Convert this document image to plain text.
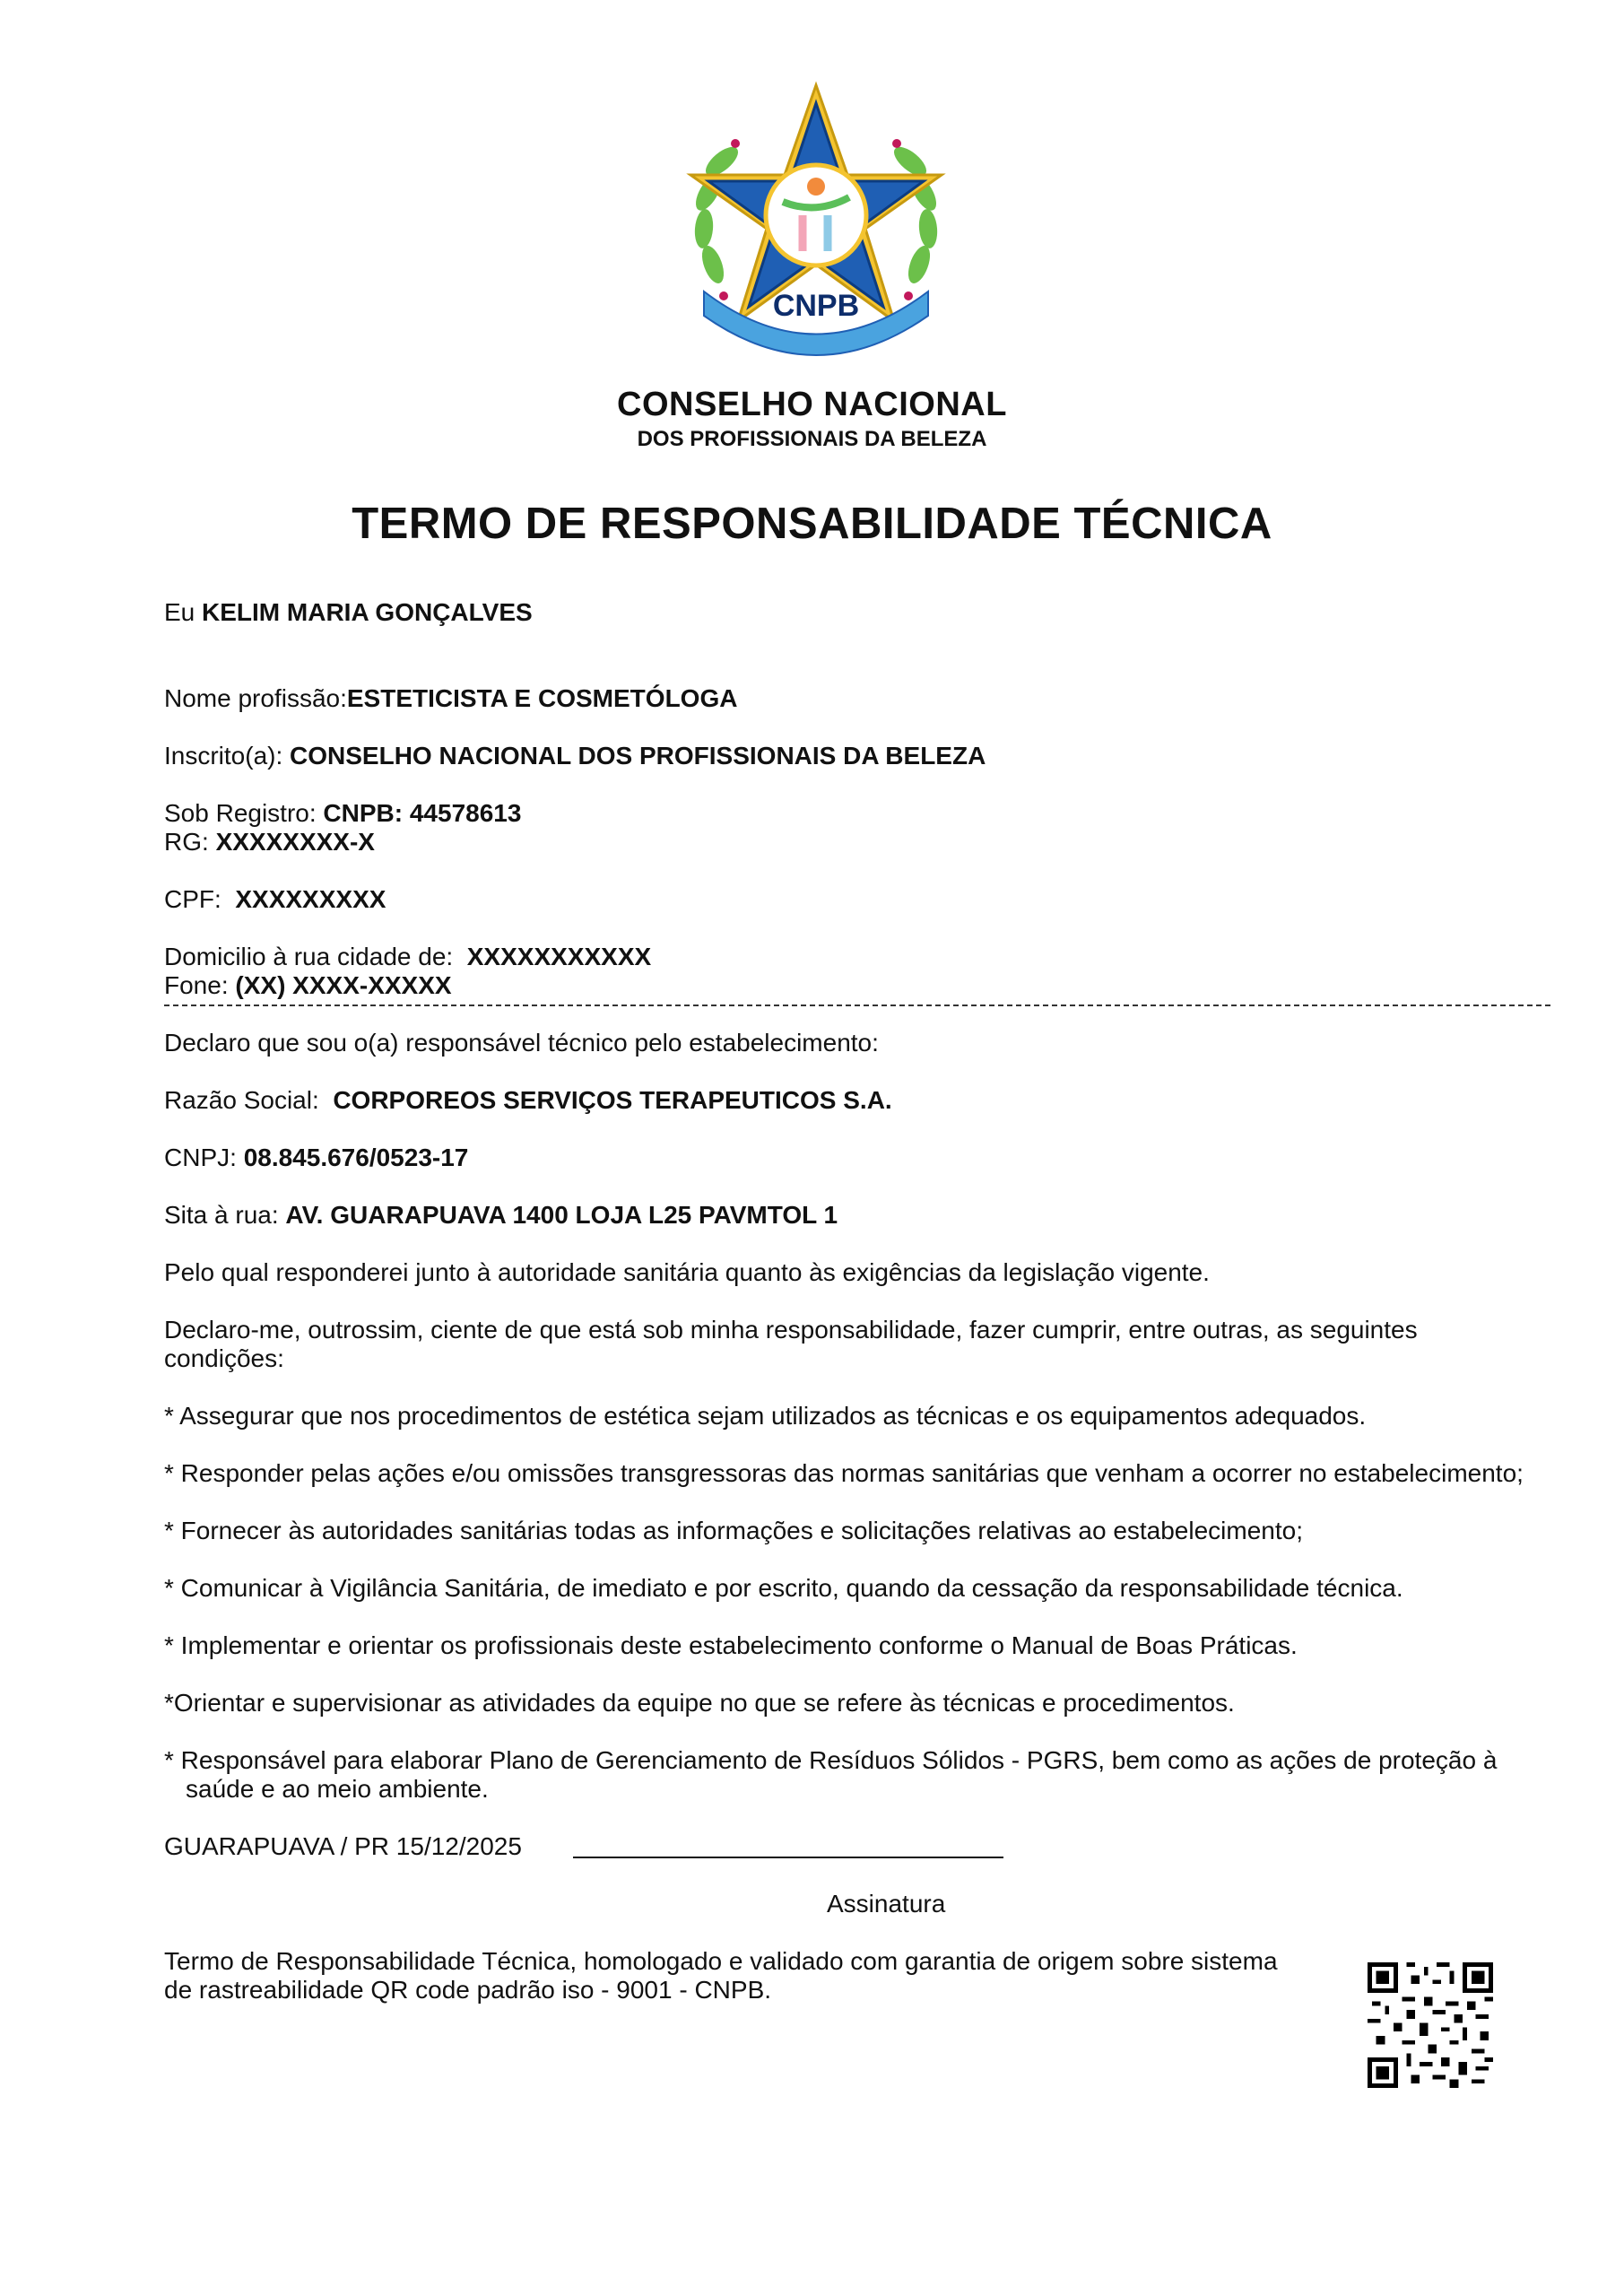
CNPB
CONSELHO NACIONAL
DOS PROFISSIONAIS DA BELEZA
TERMO DE RESPONSABILIDADE TÉCNICA
Eu KELIM MARIA GONÇALVES
Nome profissão:ESTETICISTA E COSMETÓLOGA
Inscrito(a): CONSELHO NACIONAL DOS PROFISSIONAIS DA BELEZA
Sob Registro: CNPB: 44578613
RG: XXXXXXXX-X
CPF: XXXXXXXXX
Domicilio à rua cidade de: XXXXXXXXXXX
Fone: (XX) XXXX-XXXXX
Declaro que sou o(a) responsável técnico pelo estabelecimento:
Razão Social: CORPOREOS SERVIÇOS TERAPEUTICOS S.A.
CNPJ: 08.845.676/0523-17
Sita à rua: AV. GUARAPUAVA 1400 LOJA L25 PAVMTOL 1
Pelo qual responderei junto à autoridade sanitária quanto às exigências da legislação vigente.
Declaro-me, outrossim, ciente de que está sob minha responsabilidade, fazer cumprir, entre outras, as seguintes
condições:
* Assegurar que nos procedimentos de estética sejam utilizados as técnicas e os equipamentos adequados.
* Responder pelas ações e/ou omissões transgressoras das normas sanitárias que venham a ocorrer no estabelecimento;
* Fornecer às autoridades sanitárias todas as informações e solicitações relativas ao estabelecimento;
* Comunicar à Vigilância Sanitária, de imediato e por escrito, quando da cessação da responsabilidade técnica.
* Implementar e orientar os profissionais deste estabelecimento conforme o Manual de Boas Práticas.
*Orientar e supervisionar as atividades da equipe no que se refere às técnicas e procedimentos.
* Responsável para elaborar Plano de Gerenciamento de Resíduos Sólidos - PGRS, bem como as ações de proteção à
saúde e ao meio ambiente.
GUARAPUAVA / PR 15/12/2025
Assinatura
Termo de Responsabilidade Técnica, homologado e validado com garantia de origem sobre sistema
de rastreabilidade QR code padrão iso - 9001 - CNPB.
